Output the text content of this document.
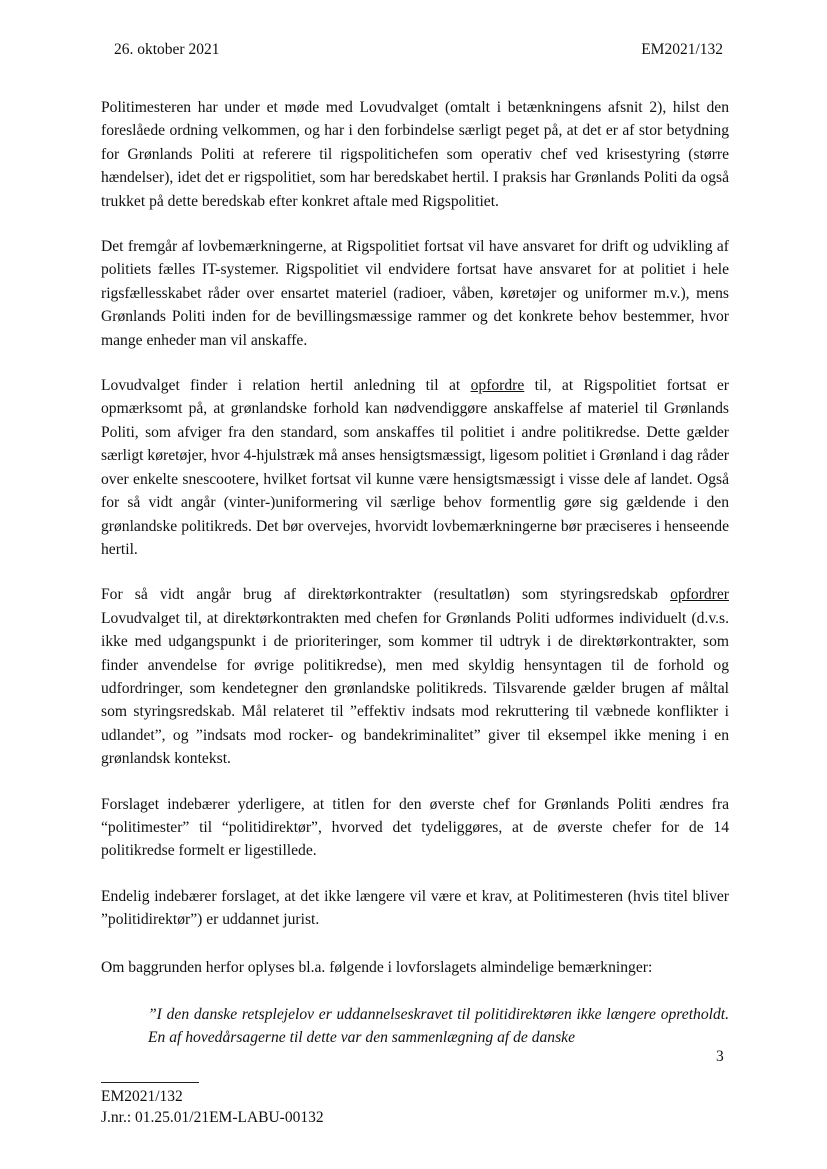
26. oktober 2021	EM2021/132

Politimesteren har under et møde med Lovudvalget (omtalt i betænkningens afsnit 2), hilst den foreslåede ordning velkommen, og har i den forbindelse særligt peget på, at det er af stor betydning for Grønlands Politi at referere til rigspolitichefen som operativ chef ved krisestyring (større hændelser), idet det er rigspolitiet, som har beredskabet hertil. I praksis har Grønlands Politi da også trukket på dette beredskab efter konkret aftale med Rigspolitiet.

Det fremgår af lovbemærkningerne, at Rigspolitiet fortsat vil have ansvaret for drift og udvikling af politiets fælles IT-systemer. Rigspolitiet vil endvidere fortsat have ansvaret for at politiet i hele rigsfællesskabet råder over ensartet materiel (radioer, våben, køretøjer og uniformer m.v.), mens Grønlands Politi inden for de bevillingsmæssige rammer og det konkrete behov bestemmer, hvor mange enheder man vil anskaffe.

Lovudvalget finder i relation hertil anledning til at opfordre til, at Rigspolitiet fortsat er opmærksomt på, at grønlandske forhold kan nødvendiggøre anskaffelse af materiel til Grønlands Politi, som afviger fra den standard, som anskaffes til politiet i andre politikredse. Dette gælder særligt køretøjer, hvor 4-hjulstræk må anses hensigtsmæssigt, ligesom politiet i Grønland i dag råder over enkelte snescootere, hvilket fortsat vil kunne være hensigtsmæssigt i visse dele af landet. Også for så vidt angår (vinter-)uniformering vil særlige behov formentlig gøre sig gældende i den grønlandske politikreds. Det bør overvejes, hvorvidt lovbemærkningerne bør præciseres i henseende hertil.

For så vidt angår brug af direktørkontrakter (resultatløn) som styringsredskab opfordrer Lovudvalget til, at direktørkontrakten med chefen for Grønlands Politi udformes individuelt (d.v.s. ikke med udgangspunkt i de prioriteringer, som kommer til udtryk i de direktørkontrakter, som finder anvendelse for øvrige politikredse), men med skyldig hensyntagen til de forhold og udfordringer, som kendetegner den grønlandske politikreds. Tilsvarende gælder brugen af måltal som styringsredskab. Mål relateret til ”effektiv indsats mod rekruttering til væbnede konflikter i udlandet”, og ”indsats mod rocker- og bandekriminalitet” giver til eksempel ikke mening i en grønlandsk kontekst.

Forslaget indebærer yderligere, at titlen for den øverste chef for Grønlands Politi ændres fra “politimester” til “politidirektør”, hvorved det tydeliggøres, at de øverste chefer for de 14 politikredse formelt er ligestillede.

Endelig indebærer forslaget, at det ikke længere vil være et krav, at Politimesteren (hvis titel bliver ”politidirektør”) er uddannet jurist.

Om baggrunden herfor oplyses bl.a. følgende i lovforslagets almindelige bemærkninger:

”I den danske retsplejelov er uddannelseskravet til politidirektøren ikke længere opretholdt. En af hovedårsagerne til dette var den sammenlægning af de danske

3
EM2021/132
J.nr.: 01.25.01/21EM-LABU-00132
